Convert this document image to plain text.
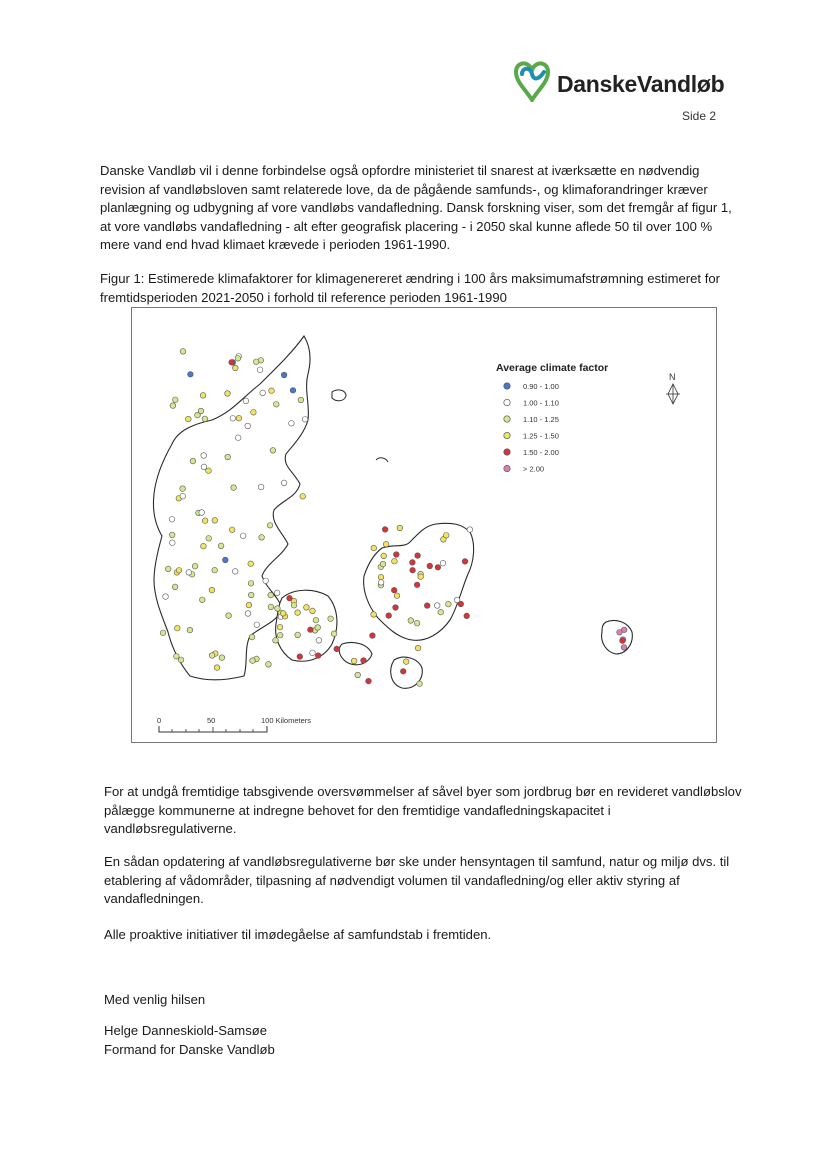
DanskeVandløb
Side 2

Danske Vandløb vil i denne forbindelse også opfordre ministeriet til snarest at iværksætte en nødvendig revision af vandløbsloven samt relaterede love, da de pågående samfunds-, og klimaforandringer kræver planlægning og udbygning af vore vandløbs vandafledning. Dansk forskning viser, som det fremgår af figur 1, at vore vandløbs vandafledning - alt efter geografisk placering - i 2050 skal kunne aflede 50 til over 100 % mere vand end hvad klimaet krævede i perioden 1961-1990.

Figur 1: Estimerede klimafaktorer for klimagenereret ændring i 100 års maksimumafstrømning estimeret for fremtidsperioden 2021-2050 i forhold til reference perioden 1961-1990

Average climate factor
0.90 - 1.00
1.00 - 1.10
1.10 - 1.25
1.25 - 1.50
1.50 - 2.00
> 2.00
N
0	50	100 Kilometers

For at undgå fremtidige tabsgivende oversvømmelser af såvel byer som jordbrug bør en revideret vandløbslov pålægge kommunerne at indregne behovet for den fremtidige vandafledningskapacitet i vandløbsregulativerne.

En sådan opdatering af vandløbsregulativerne bør ske under hensyntagen til samfund, natur og miljø dvs. til etablering af vådområder, tilpasning af nødvendigt volumen til vandafledning/og eller aktiv styring af vandafledningen.

Alle proaktive initiativer til imødegåelse af samfundstab i fremtiden.

Med venlig hilsen

Helge Danneskiold-Samsøe
Formand for Danske Vandløb
